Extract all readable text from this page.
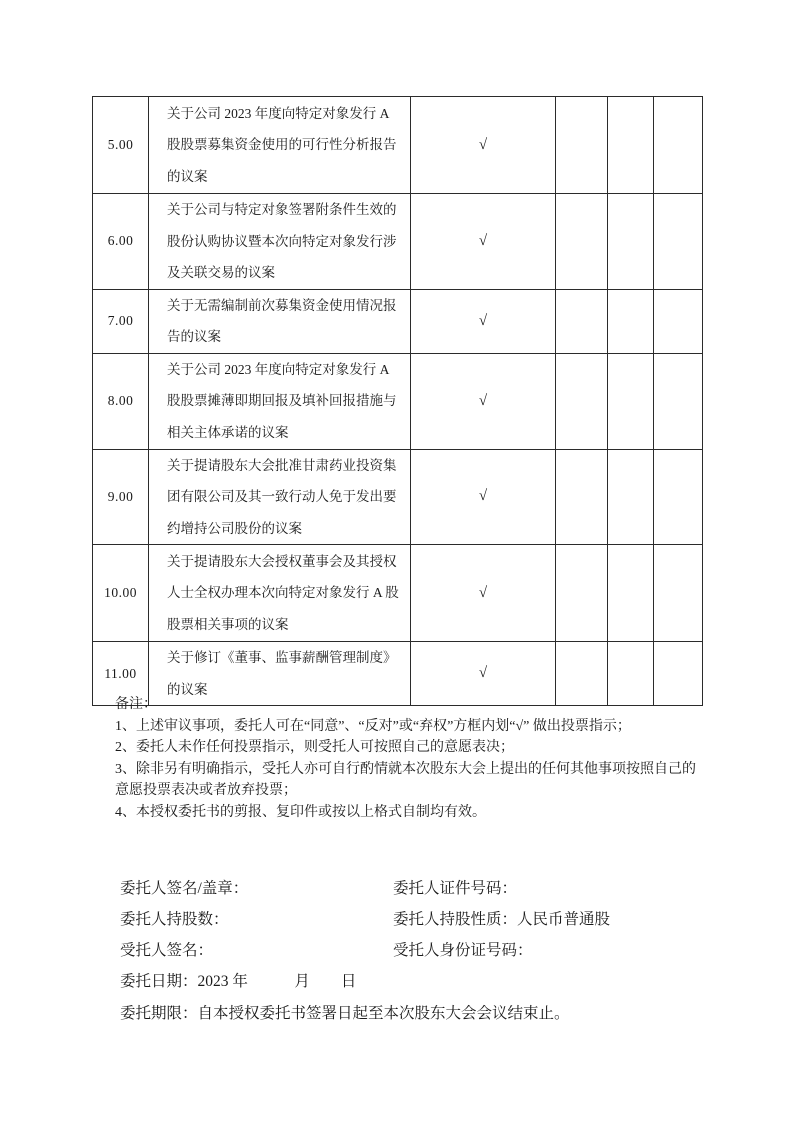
5.00	关于公司 2023 年度向特定对象发行 A 股股票募集资金使用的可行性分析报告的议案	√			
6.00	关于公司与特定对象签署附条件生效的股份认购协议暨本次向特定对象发行涉及关联交易的议案	√			
7.00	关于无需编制前次募集资金使用情况报告的议案	√			
8.00	关于公司 2023 年度向特定对象发行 A 股股票摊薄即期回报及填补回报措施与相关主体承诺的议案	√			
9.00	关于提请股东大会批准甘肃药业投资集团有限公司及其一致行动人免于发出要约增持公司股份的议案	√			
10.00	关于提请股东大会授权董事会及其授权人士全权办理本次向特定对象发行 A 股股票相关事项的议案	√			
11.00	关于修订《董事、监事薪酬管理制度》的议案	√			
备注：

1、上述审议事项，委托人可在“同意”、“反对”或“弃权”方框内划“√” 做出投票指示；

2、委托人未作任何投票指示，则受托人可按照自己的意愿表决；

3、除非另有明确指示，受托人亦可自行酌情就本次股东大会上提出的任何其他事项按照自己的意愿投票表决或者放弃投票；

4、本授权委托书的剪报、复印件或按以上格式自制均有效。

委托人签名/盖章：	委托人证件号码：
委托人持股数：	委托人持股性质：人民币普通股
受托人签名：	受托人身份证号码：
委托日期：2023 年　　　月　　日
委托期限：自本授权委托书签署日起至本次股东大会会议结束止。
